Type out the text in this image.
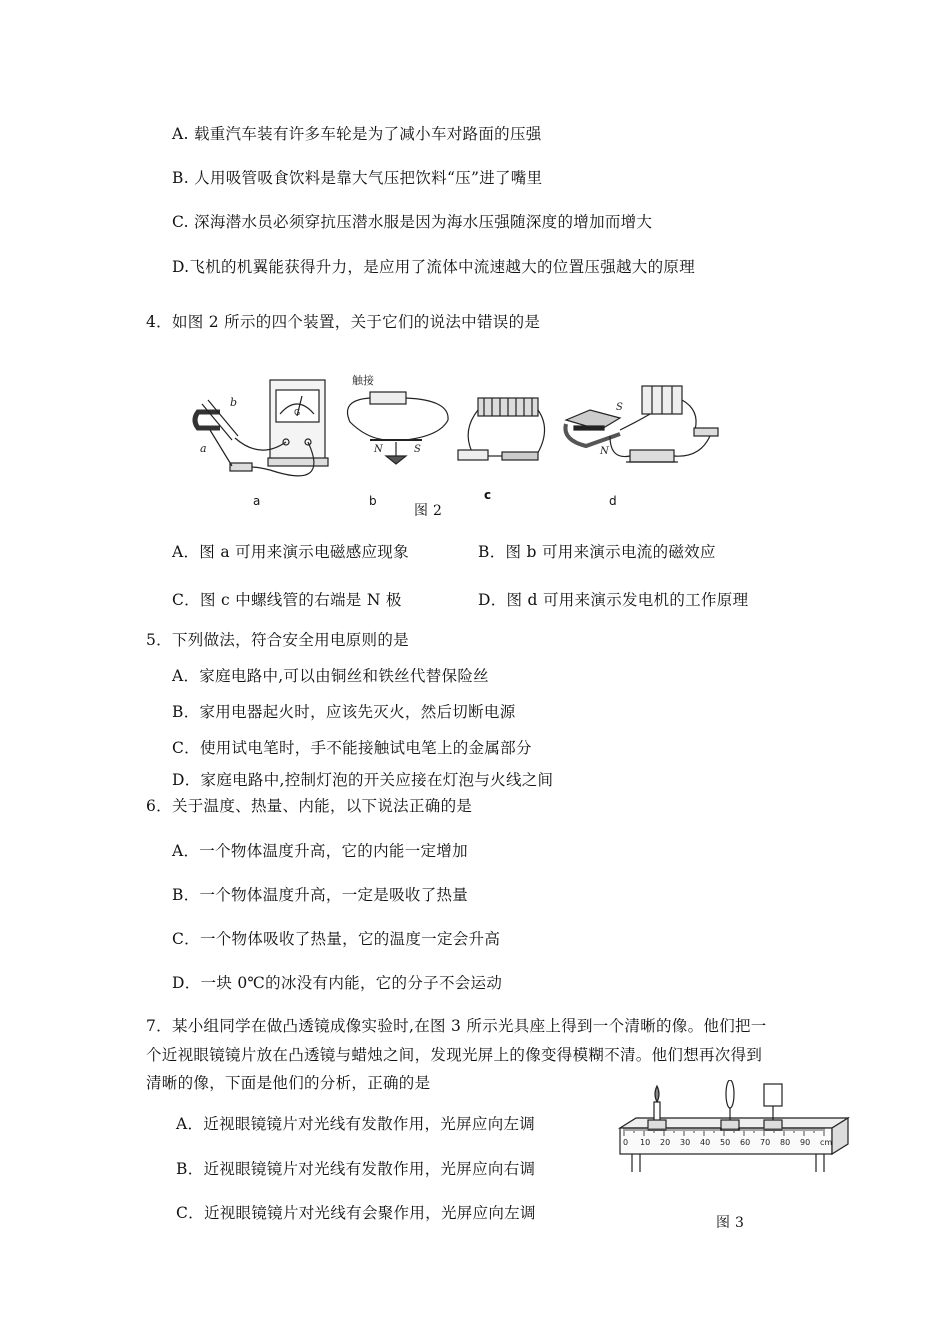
A. 载重汽车装有许多车轮是为了减小车对路面的压强
B. 人用吸管吸食饮料是靠大气压把饮料“压”进了嘴里
C. 深海潜水员必须穿抗压潜水服是因为海水压强随深度的增加而增大
D.飞机的机翼能获得升力，是应用了流体中流速越大的位置压强越大的原理
4．如图 2 所示的四个装置，关于它们的说法中错误的是
b
a
G
触接
N	S
S
N
a	b	c	d
图 2
A．图 a 可用来演示电磁感应现象	B．图 b 可用来演示电流的磁效应
C．图 c 中螺线管的右端是 N 极	D．图 d 可用来演示发电机的工作原理
5．下列做法，符合安全用电原则的是
A．家庭电路中,可以由铜丝和铁丝代替保险丝
B．家用电器起火时，应该先灭火，然后切断电源
C．使用试电笔时，手不能接触试电笔上的金属部分
D．家庭电路中,控制灯泡的开关应接在灯泡与火线之间
6．关于温度、热量、内能，以下说法正确的是
A．一个物体温度升高，它的内能一定增加
B．一个物体温度升高，一定是吸收了热量
C．一个物体吸收了热量，它的温度一定会升高
D．一块 0℃的冰没有内能，它的分子不会运动
7．某小组同学在做凸透镜成像实验时,在图 3 所示光具座上得到一个清晰的像。他们把一
个近视眼镜镜片放在凸透镜与蜡烛之间，发现光屏上的像变得模糊不清。他们想再次得到
清晰的像，下面是他们的分析，正确的是
A．近视眼镜镜片对光线有发散作用，光屏应向左调
B．近视眼镜镜片对光线有发散作用，光屏应向右调
C．近视眼镜镜片对光线有会聚作用，光屏应向左调
0 10 20 30 40 50 60 70 80 90 cm
图 3
